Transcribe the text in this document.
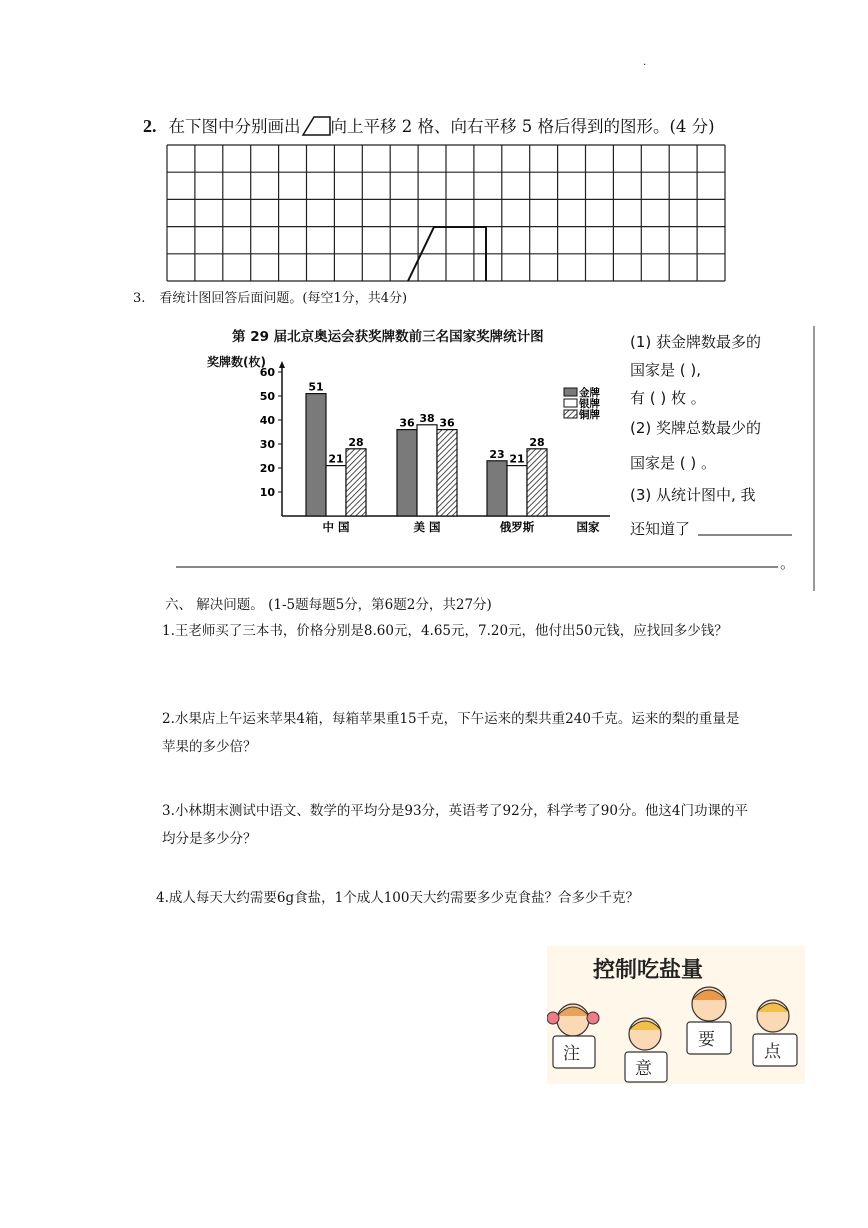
.
2. 在下图中分别画出 向上平移 2 格、向右平移 5 格后得到的图形。(4 分)
3. 看统计图回答后面问题。(每空1分，共4分)
第 29 届北京奥运会获奖牌数前三名国家奖牌统计图
奖牌数(枚)
10
20
30
40
50
60
51
21
28
中 国
36 38 36
美 国
23 21
28
俄罗斯	国家
金牌
银牌
铜牌
(1) 获金牌数最多的
国家是 ( ),
有 ( ) 枚 。
(2) 奖牌总数最少的
国家是 ( ) 。
(3) 从统计图中, 我
还知道了
。
六、 解决问题。 (1-5题每题5分，第6题2分，共27分)
1.王老师买了三本书，价格分别是8.60元，4.65元，7.20元，他付出50元钱，应找回多少钱？
2.水果店上午运来苹果4箱，每箱苹果重15千克，下午运来的梨共重240千克。运来的梨的重量是苹果的多少倍？
3.小林期末测试中语文、数学的平均分是93分，英语考了92分，科学考了90分。他这4门功课的平均分是多少分？
4.成人每天大约需要6g食盐，1个成人100天大约需要多少克食盐？合多少千克？
控制吃盐量
注
意
要
点
